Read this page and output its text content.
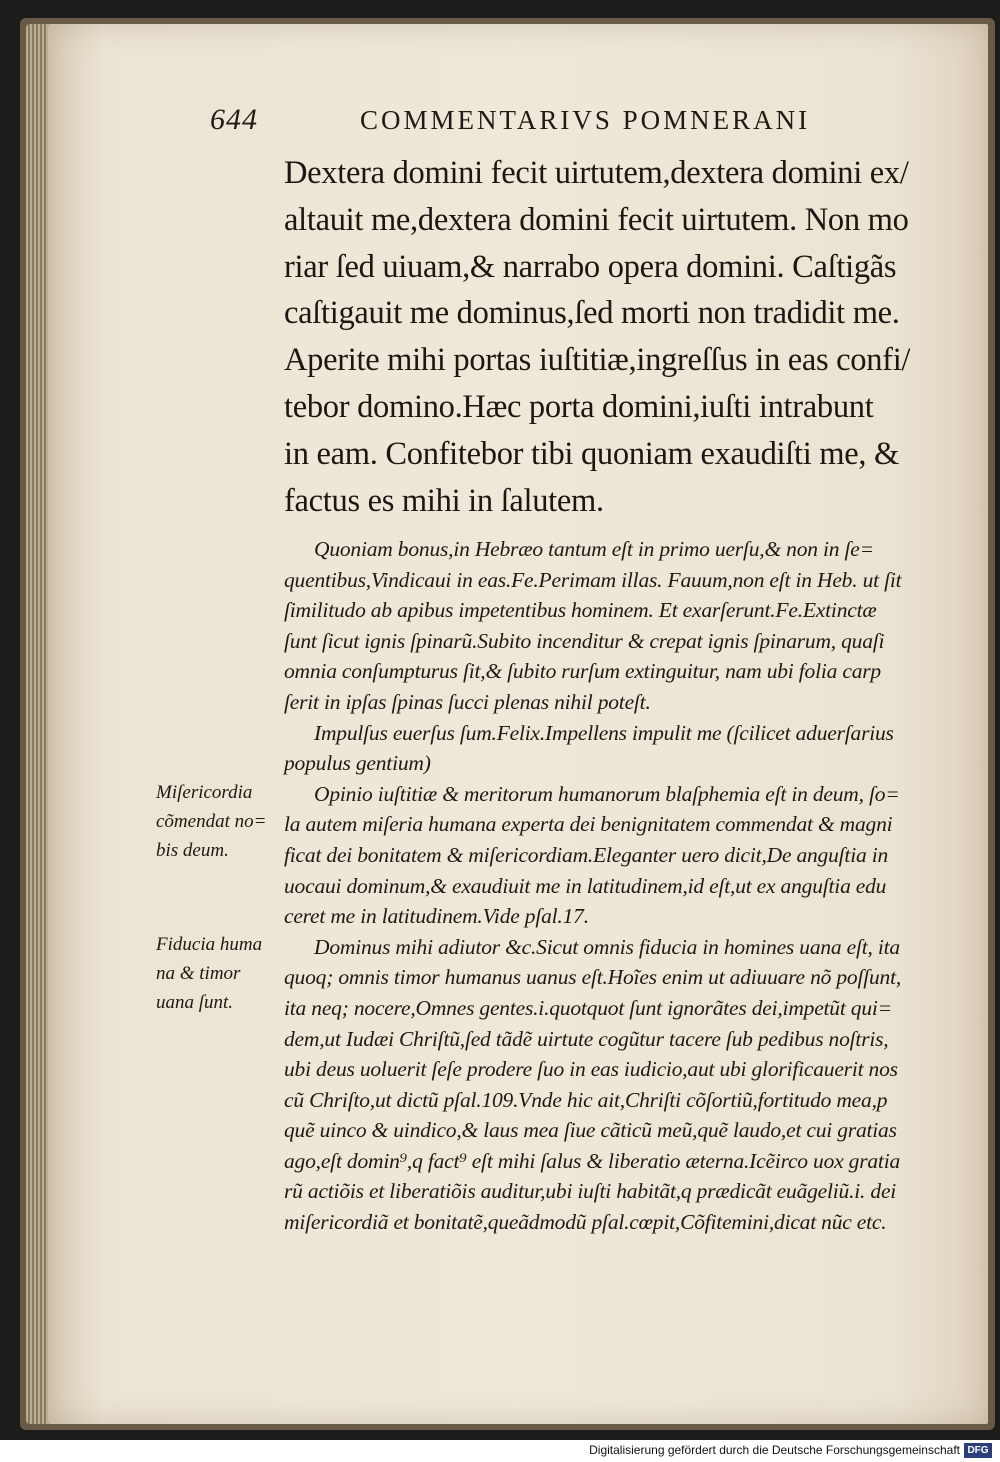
644	COMMENTARIVS POMNERANI
Dextera domini fecit uirtutem,dextera domini ex/
altauit me,dextera domini fecit uirtutem. Non mo
riar ſed uiuam,& narrabo opera domini. Caſtigãs
caſtigauit me dominus,ſed morti non tradidit me.
Aperite mihi portas iuſtitiæ,ingreſſus in eas confi/
tebor domino.Hæc porta domini,iuſti intrabunt
in eam. Confitebor tibi quoniam exaudiſti me, &
factus es mihi in ſalutem.
Quoniam bonus,in Hebræo tantum eſt in primo uerſu,& non in ſe=
quentibus,Vindicaui in eas.Fe.Perimam illas. Fauum,non eſt in Heb. ut ſit
ſimilitudo ab apibus impetentibus hominem. Et exarſerunt.Fe.Extinctæ
ſunt ſicut ignis ſpinarũ.Subito incenditur & crepat ignis ſpinarum, quaſi
omnia conſumpturus ſit,& ſubito rurſum extinguitur, nam ubi folia carp
ſerit in ipſas ſpinas ſucci plenas nihil poteſt.
Impulſus euerſus ſum.Felix.Impellens impulit me (ſcilicet aduerſarius
populus gentium)
Opinio iuſtitiæ & meritorum humanorum blaſphemia eſt in deum, ſo=
la autem miſeria humana experta dei benignitatem commendat & magni
ficat dei bonitatem & miſericordiam.Eleganter uero dicit,De anguſtia in
uocaui dominum,& exaudiuit me in latitudinem,id eſt,ut ex anguſtia edu
ceret me in latitudinem.Vide pſal.17.
Dominus mihi adiutor &c.Sicut omnis fiducia in homines uana eſt, ita
quoq; omnis timor humanus uanus eſt.Hoĩes enim ut adiuuare nõ poſſunt,
ita neq; nocere,Omnes gentes.i.quotquot ſunt ignorãtes dei,impetũt qui=
dem,ut Iudæi Chriſtũ,ſed tãdẽ uirtute cogũtur tacere ſub pedibus noſtris,
ubi deus uoluerit ſeſe prodere ſuo in eas iudicio,aut ubi glorificauerit nos
cũ Chriſto,ut dictũ pſal.109.Vnde hic ait,Chriſti cõſortiũ,fortitudo mea,p
quẽ uinco & uindico,& laus mea ſiue cãticũ meũ,quẽ laudo,et cui gratias
ago,eſt domin⁹,q fact⁹ eſt mihi ſalus & liberatio æterna.Icẽirco uox gratia
rũ actiõis et liberatiõis auditur,ubi iuſti habitãt,q prædicãt euãgeliũ.i. dei
miſericordiã et bonitatẽ,queãdmodũ pſal.cœpit,Cõfitemini,dicat nũc etc.
Miſericordia
cõmendat no=
bis deum.
Fiducia huma
na & timor
uana ſunt.
Digitalisierung gefördert durch die Deutsche Forschungsgemeinschaft DFG
